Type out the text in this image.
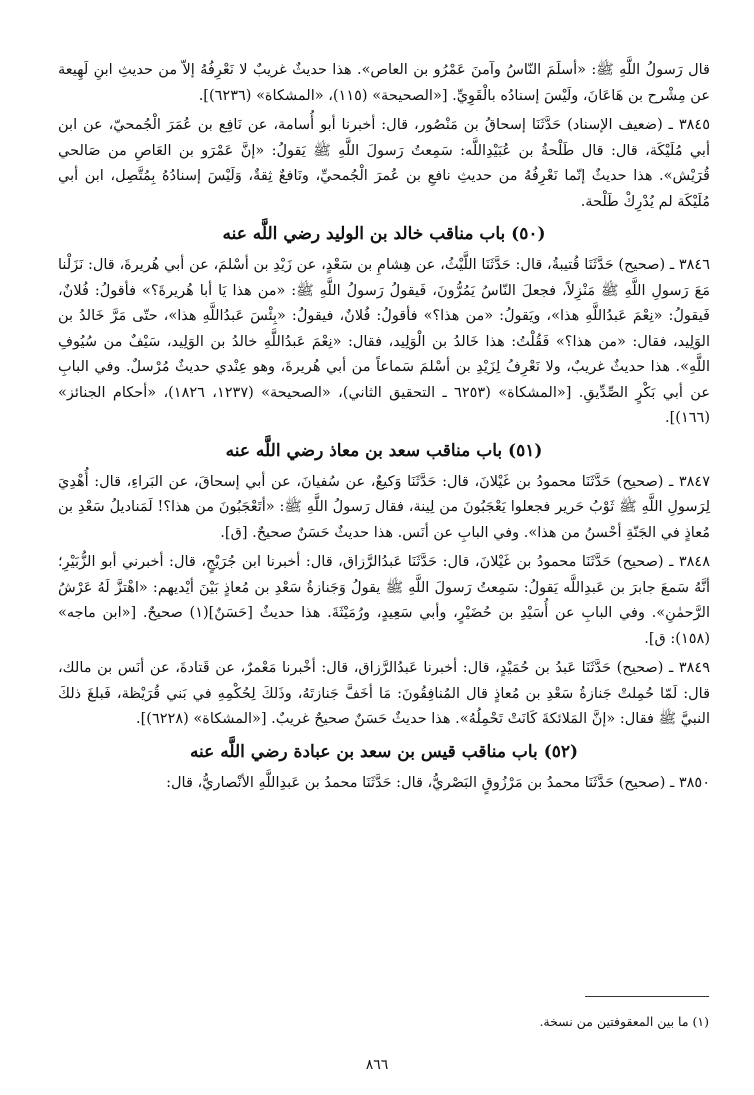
قال رَسولُ اللَّهِ ﷺ: «أسلَمَ النّاسُ وآمنَ عَمْرُو بن العاص». هذا حديثٌ غريبٌ لا نَعْرِفُهُ إلاّ من حديثِ ابنِ لَهِيعة عن مِشْرح بن هَاعَانَ، ولَيْسَ إسنادُه بالْقَوِيِّ. [«الصحيحة» (١١٥)، «المشكاة» (٦٢٣٦)].

٣٨٤٥ ـ (ضعيف الإسناد) حَدَّثَنَا إسحاقُ بن مَنْصُور، قال: أخبرنا أبو أُسامة، عن نَافِع بن عُمَرَ الْجُمحيّ، عن ابن أبي مُلَيْكَة، قال: قال طَلْحةُ بن عُبَيْدِاللَّه: سَمِعتُ رَسولَ اللَّهِ ﷺ يَقولُ: «إنَّ عَمْرَو بن العَاصِ من صَالحي قُرَيْش». هذا حديثٌ إنّما نَعْرِفُهُ من حديثِ نافعِ بن عُمرَ الْجُمحيِّ، ونَافعٌ ثِقةٌ، وَلَيْسَ إسنادُهُ بِمُتَّصِل، ابن أبي مُلَيْكَة لم يُدْرِكْ طَلْحة.

(٥٠) باب مناقب خالد بن الوليد رضي اللَّه عنه

٣٨٤٦ ـ (صحيح) حَدَّثَنَا قُتيبةُ، قال: حَدَّثَنَا اللَّيْثُ، عن هِشامِ بن سَعْدٍ، عن زَيْدِ بن أسْلمَ، عن أبي هُريرةَ، قال: نَزَلْنا مَعَ رَسولِ اللَّهِ ﷺ مَنْزِلاً، فجعلَ النّاسُ يَمُرُّونَ، فَيقولُ رَسولُ اللَّهِ ﷺ: «من هذا يَا أبا هُريرةَ؟» فأقولُ: فُلانٌ، فَيقولُ: «نِعْمَ عَبدُاللَّهِ هذا»، ويَقولُ: «من هذا؟» فأقولُ: فُلانٌ، فيقولُ: «بِئْسَ عَبدُاللَّهِ هذا»، حتّى مَرَّ خَالدُ بن الوَلِيد، فقال: «من هذا؟» فَقُلْتُ: هذا خَالدُ بن الْوَلِيد، فقال: «نِعْمَ عَبدُاللَّهِ خالدُ بن الوَلِيد، سَيْفٌ من سُيُوفِ اللَّهِ». هذا حديثٌ غريبٌ، ولا نَعْرِفُ لِزَيْدِ بن أسْلمَ سَماعاً من أبي هُريرةَ، وهو عِنْدي حديثٌ مُرْسلٌ. وفي البابِ عن أبي بَكْرٍ الصِّدِّيقِ. [«المشكاة» (٦٢٥٣ ـ التحقيق الثاني)، «الصحيحة» (١٢٣٧، ١٨٢٦)، «أحكام الجنائز» (١٦٦)].

(٥١) باب مناقب سعد بن معاذ رضي اللَّه عنه

٣٨٤٧ ـ (صحيح) حَدَّثَنَا محمودُ بن غَيْلانَ، قال: حَدَّثَنَا وَكيعٌ، عن سُفيانَ، عن أبي إسحاقَ، عن البَراءِ، قال: أُهْدِيَ لِرَسولِ اللَّهِ ﷺ ثَوْبُ حَرير فجعلوا يَعْجَبُونَ من لِينة، فقال رَسولُ اللَّهِ ﷺ: «أتَعْجَبُونَ من هذا؟! لَمَناديلُ سَعْدِ بن مُعاذٍ في الجَنّةِ أحْسنُ من هذا». وفي البابِ عن أنَس. هذا حديثٌ حَسَنٌ صحيحٌ. [ق].

٣٨٤٨ ـ (صحيح) حَدَّثَنَا محمودُ بن غَيْلانَ، قال: حَدَّثَنَا عَبدُالرَّزاق، قال: أخبرنا ابن جُرَيْجٍ، قال: أخبرني أبو الزُّبَيْرِ؛ أنَّهُ سَمعَ جابرَ بن عَبدِاللَّه يَقولُ: سَمِعتُ رَسولَ اللَّهِ ﷺ يقولُ وَجَنازةُ سَعْدِ بن مُعاذٍ بَيْنَ أيْديهم: «اهْتزَّ لَهُ عَرْشُ الرَّحمٰنِ». وفي البابِ عن أُسَيْدِ بن حُضَيْرٍ، وأبي سَعِيدٍ، ورُمَيْثَةَ. هذا حديثٌ [حَسَنٌ](١) صحيحٌ. [«ابن ماجه» (١٥٨): ق].

٣٨٤٩ ـ (صحيح) حَدَّثَنَا عَبدُ بن حُمَيْدٍ، قال: أخبرنا عَبدُالرَّزاق، قال: أخْبرنا مَعْمرٌ، عن قَتادةَ، عن أنَس بن مالك، قال: لَمّا حُمِلتْ جَنازةُ سَعْدِ بن مُعاذٍ قال المُنافِقُونَ: مَا أخَفَّ جَنازتَهُ، وذَلكَ لِحُكْمِهِ في بَني قُرَيْظة، فَبلغَ ذلكَ النبيَّ ﷺ فقال: «إنَّ المَلائكةَ كَانَتْ تَحْمِلُهُ». هذا حديثٌ حَسَنٌ صحيحٌ غريبٌ. [«المشكاة» (٦٢٢٨)].

(٥٢) باب مناقب قيس بن سعد بن عبادة رضي اللَّه عنه

٣٨٥٠ ـ (صحيح) حَدَّثَنَا محمدُ بن مَرْزُوقٍ البَصْريُّ، قال: حَدَّثَنَا محمدُ بن عَبدِاللَّهِ الأنْصاريُّ، قال:

(١) ما بين المعقوفتين من نسخة.
٨٦٦
